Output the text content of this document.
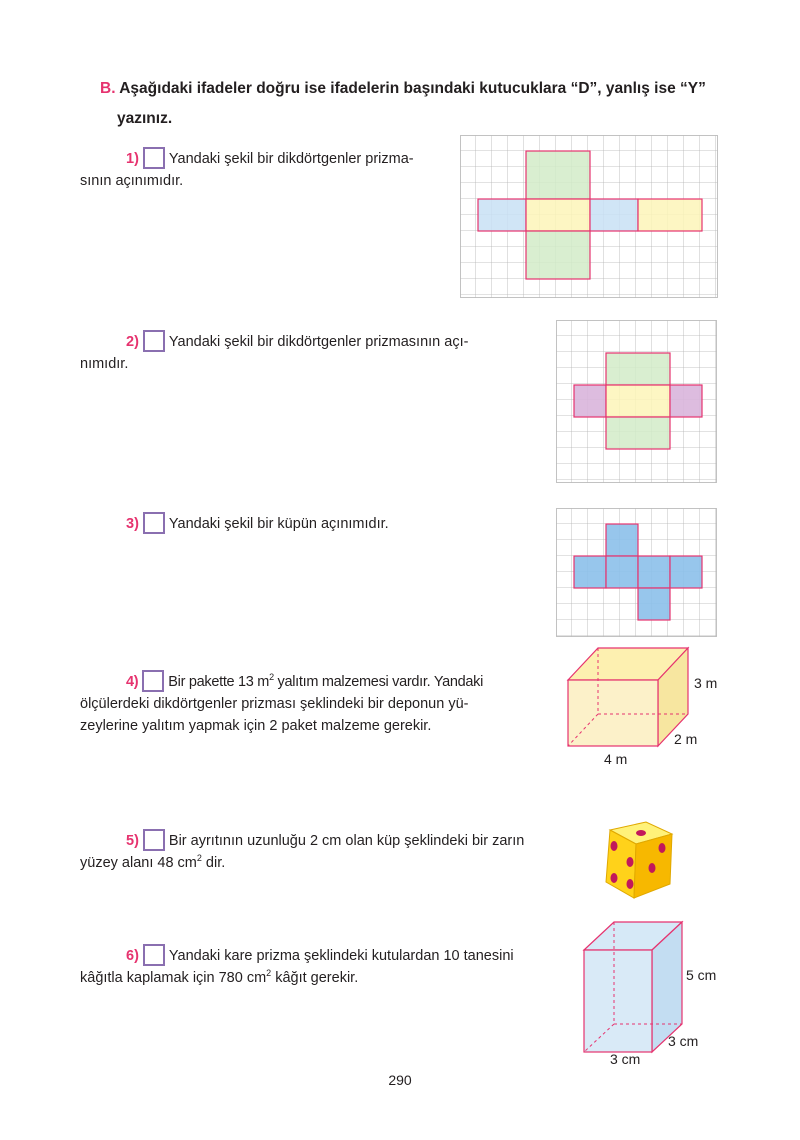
B. Aşağıdaki ifadeler doğru ise ifadelerin başındaki kutucuklara “D”, yanlış ise “Y”
yazınız.
1) Yandaki şekil bir dikdörtgenler prizma-
sının açınımıdır.
2) Yandaki şekil bir dikdörtgenler prizmasının açı-
nımıdır.
3) Yandaki şekil bir küpün açınımıdır.
4) Bir pakette 13 $m^2$ yalıtım malzemesi vardır. Yandaki
ölçülerdeki dikdörtgenler prizması şeklindeki bir deponun yü-
zeylerine yalıtım yapmak için 2 paket malzeme gerekir.
5) Bir ayrıtının uzunluğu 2 cm olan küp şeklindeki bir zarın
yüzey alanı 48 $cm^2$ dir.
6) Yandaki kare prizma şeklindeki kutulardan 10 tanesini
kâğıtla kaplamak için 780 $cm^2$ kâğıt gerekir.
3 m
2 m
4 m
5 cm
3 cm
3 cm
290
